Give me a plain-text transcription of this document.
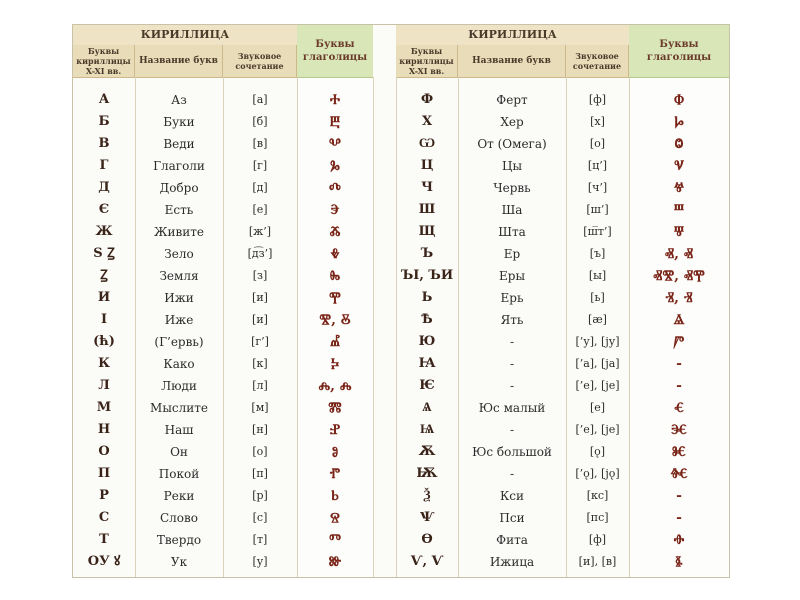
КИРИЛЛИЦА
Буквы кириллицы X-XI вв.
Название букв	Звуковое сочетание
Буквы глаголицы
А	Аз	[а]	Ⰰ
Б	Буки	[б]	Ⰱ
В	Веди	[в]	Ⰲ
Г	Глаголи	[г]	Ⰳ
Д	Добро	[д]	Ⰴ
Є	Есть	[е]	Ⰵ
Ж	Живите	[ж’]	Ⰶ
Ѕ Ꙁ	Зело	[д͡з’]	Ⰷ
Ꙁ	Земля	[з]	Ⰸ
И	Ижи	[и]	Ⰹ
І	Иже	[и]	Ⰺ, Ⰻ
(ћ)	(Г’ервь)	[г’]	Ⰼ
К	Како	[к]	Ⰽ
Л	Люди	[л]	Ⰾ, Ⰾ
М	Мыслите	[м]	Ⰿ
Н	Наш	[н]	Ⱀ
О	Он	[о]	Ⱁ
П	Покой	[п]	Ⱂ
Р	Реки	[р]	Ⱃ
С	Слово	[с]	Ⱄ
Т	Твердо	[т]	Ⱅ
ОУ ꙋ	Ук	[у]	Ⱆ
КИРИЛЛИЦА
Буквы кириллицы X-XI вв.
Название букв	Звуковое сочетание
Буквы глаголицы
Ф	Ферт	[ф]	Ⱇ
Х	Хер	[х]	Ⱈ
Ѡ	От (Омега)	[о]	Ⱉ
Ц	Цы	[ц’]	Ⱌ
Ч	Червь	[ч’]	Ⱍ
Ш	Ша	[ш’]	Ⱎ
Щ	Шта	[ш̅т’]	Ⱋ
Ъ	Ер	[ъ]	Ⱏ, Ⱏ
ЪІ, ЪИ	Еры	[ы]	ⰟⰊ, ⰟⰉ
Ь	Ерь	[ь]	Ⱐ, Ⱐ
Ѣ	Ять	[æ]	Ⱑ
Ю	-	[’у], [jу]	Ⱓ
Ꙗ	-	[’а], [jа]	-
Ѥ	-	[’е], [jе]	-
Ѧ	Юс малый	[е]	Ⱔ
Ѩ	-	[’е], [jе]	Ⱗ
Ѫ	Юс большой	[ǫ]	Ⱘ
Ѭ	-	[’ǫ], [jǫ]	Ⱙ
Ѯ	Кси	[кс]	-
Ѱ	Пси	[пс]	-
Ѳ	Фита	[ф]	Ⱚ
Ѵ, Ѵ	Ижица	[и], [в]	Ⱛ
